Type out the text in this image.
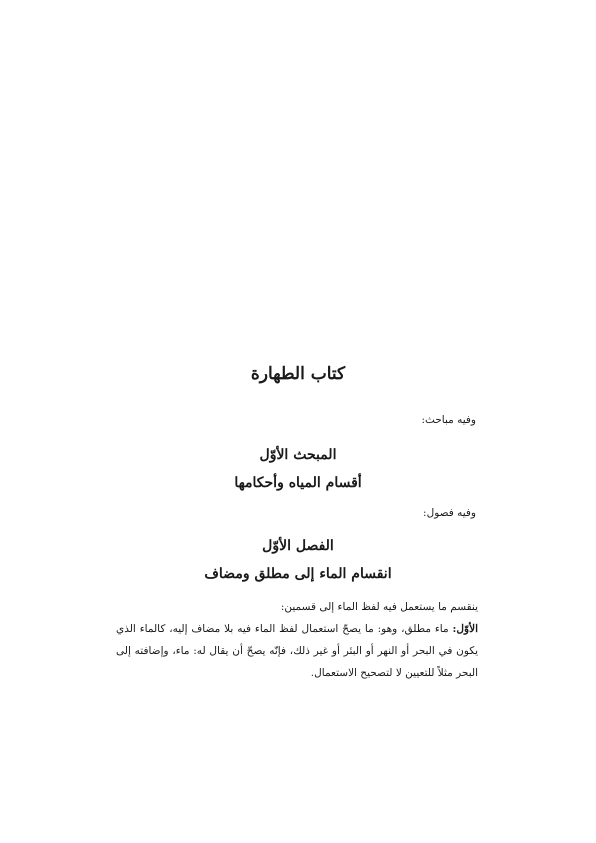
كتاب الطهارة

وفيه مباحث:

المبحث الأوّل
أقسام المياه وأحكامها

وفيه فصول:

الفصل الأوّل
انقسام الماء إلى مطلق ومضاف

ينقسم ما يستعمل فيه لفظ الماء إلى قسمين:

الأوّل: ماء مطلق، وهو: ما يصحّ استعمال لفظ الماء فيه بلا مضاف إليه، كالماء الذي يكون في البحر أو النهر أو البئر أو غير ذلك، فإنّه يصحّ أن يقال له: ماء، وإضافته إلى البحر مثلاً للتعيين لا لتصحيح الاستعمال.
